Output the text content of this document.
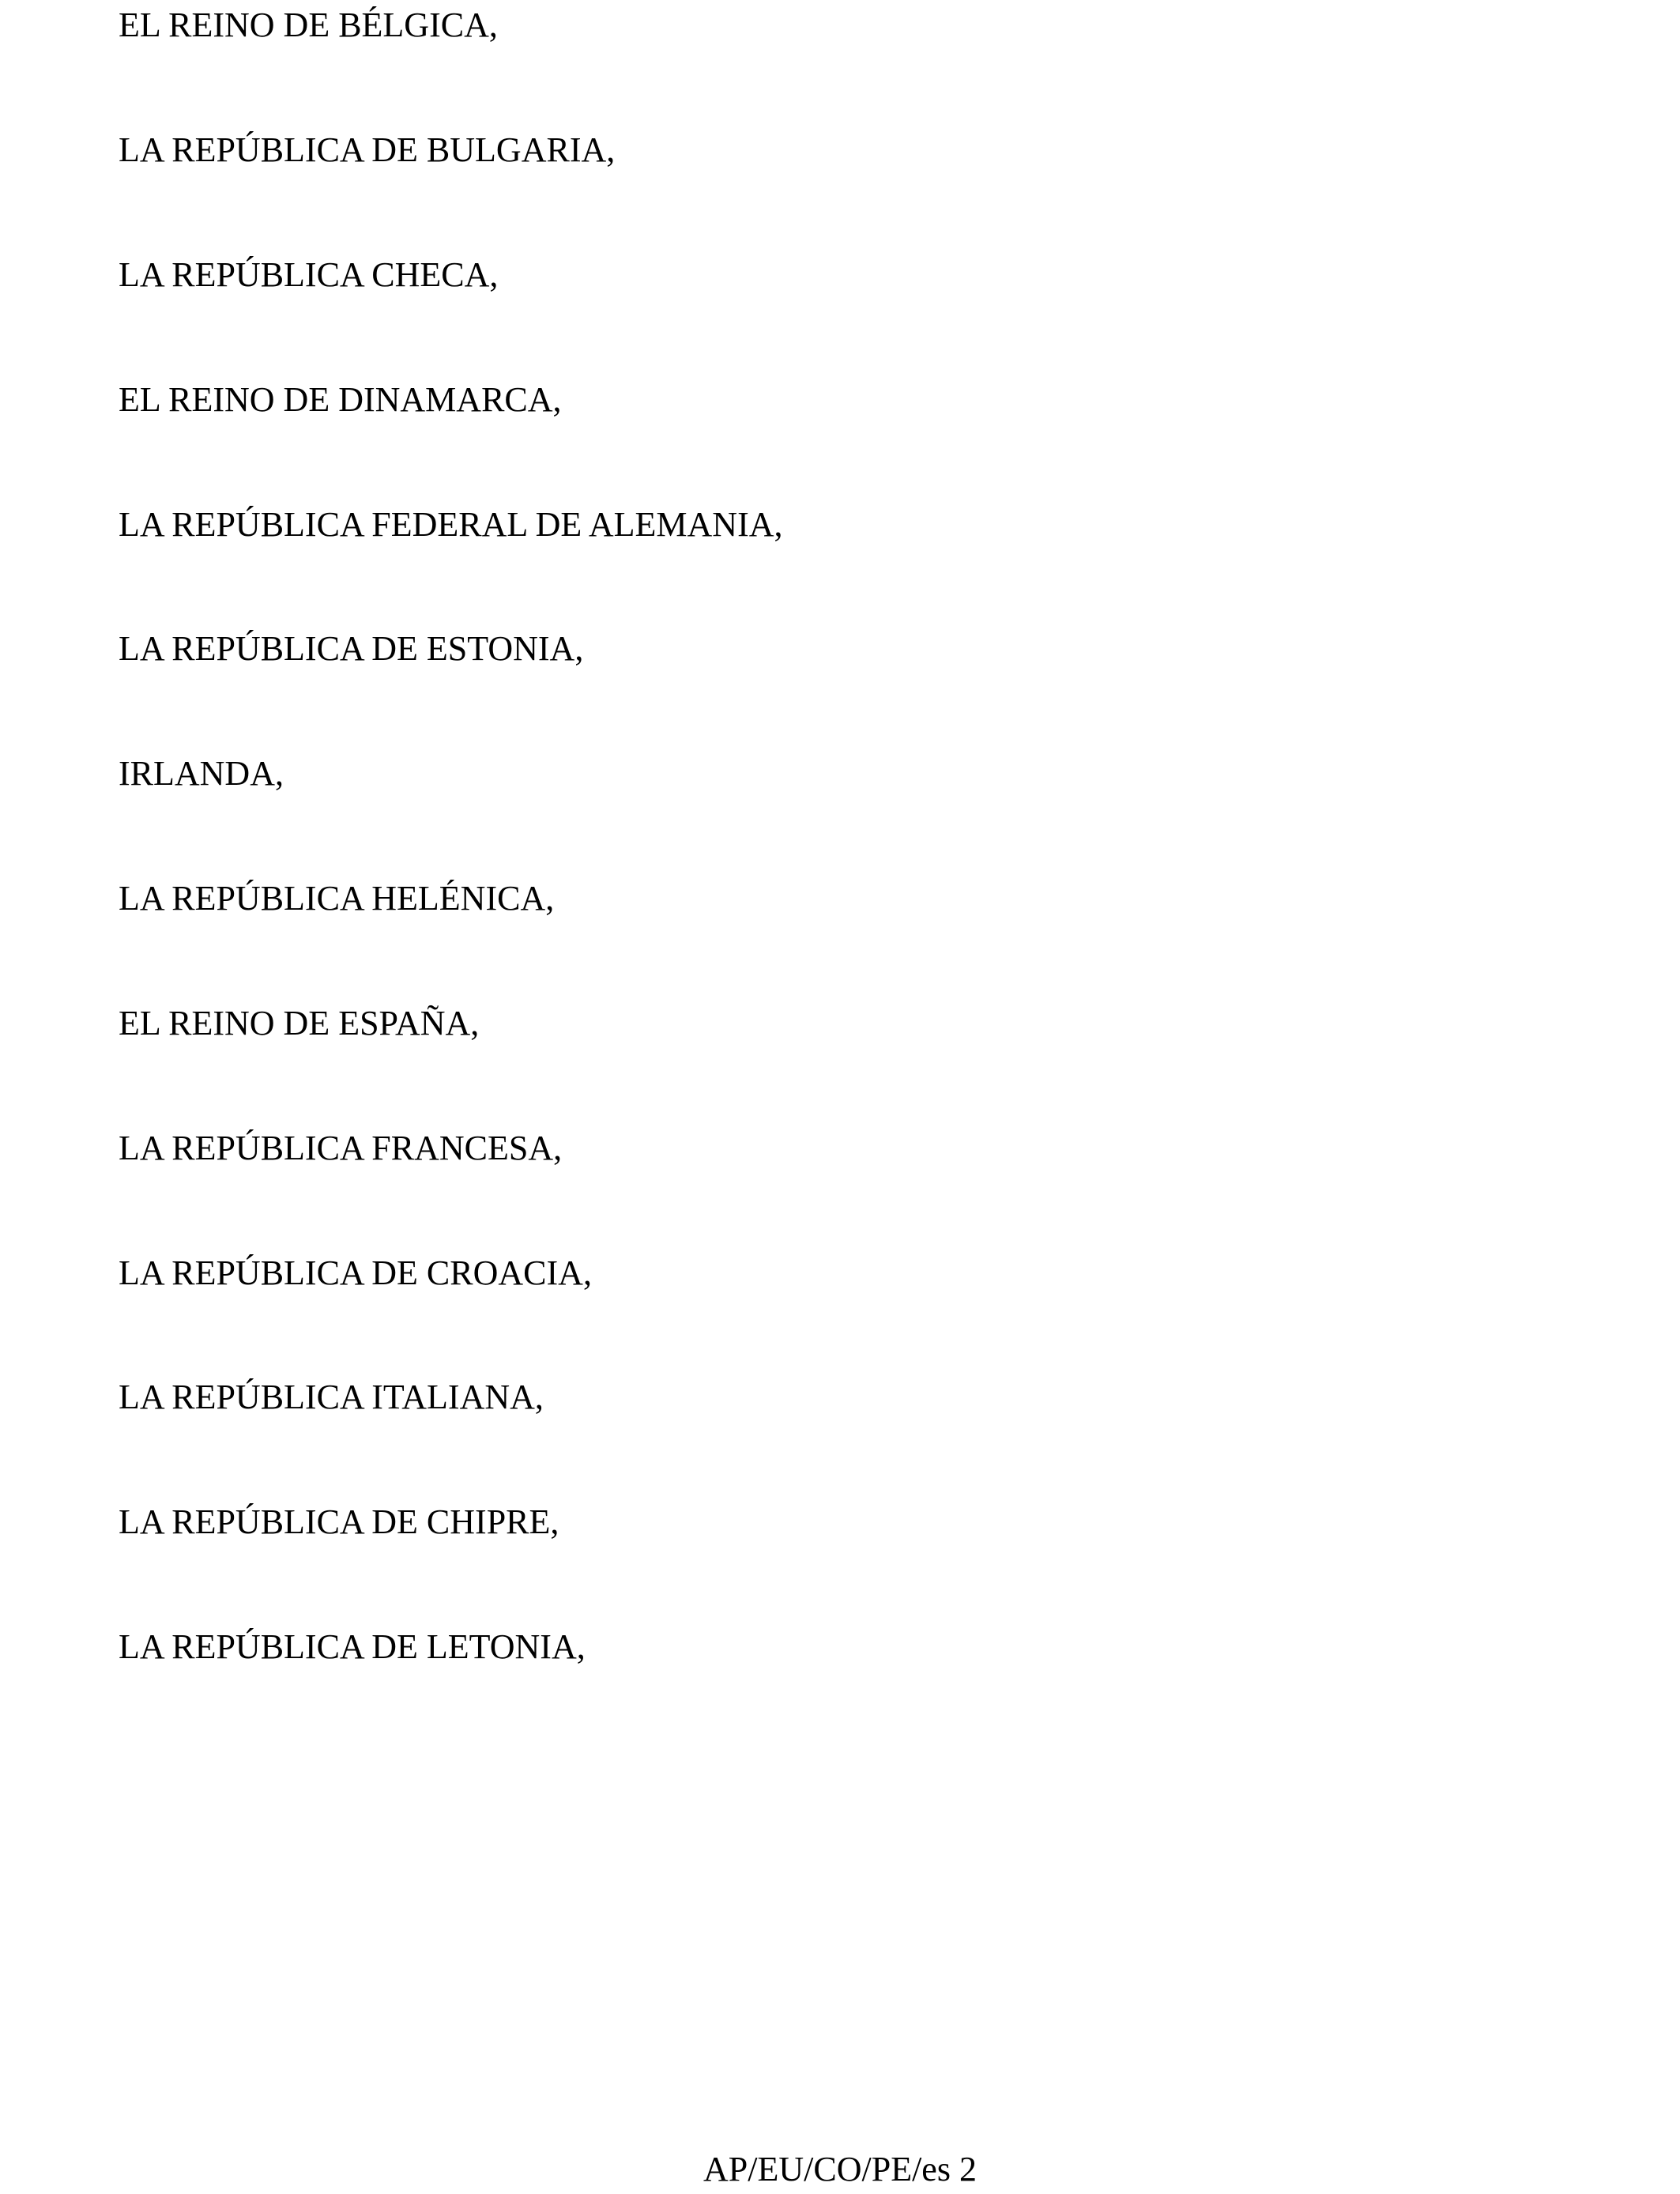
EL REINO DE BÉLGICA,
LA REPÚBLICA DE BULGARIA,
LA REPÚBLICA CHECA,
EL REINO DE DINAMARCA,
LA REPÚBLICA FEDERAL DE ALEMANIA,
LA REPÚBLICA DE ESTONIA,
IRLANDA,
LA REPÚBLICA HELÉNICA,
EL REINO DE ESPAÑA,
LA REPÚBLICA FRANCESA,
LA REPÚBLICA DE CROACIA,
LA REPÚBLICA ITALIANA,
LA REPÚBLICA DE CHIPRE,
LA REPÚBLICA DE LETONIA,
AP/EU/CO/PE/es 2
